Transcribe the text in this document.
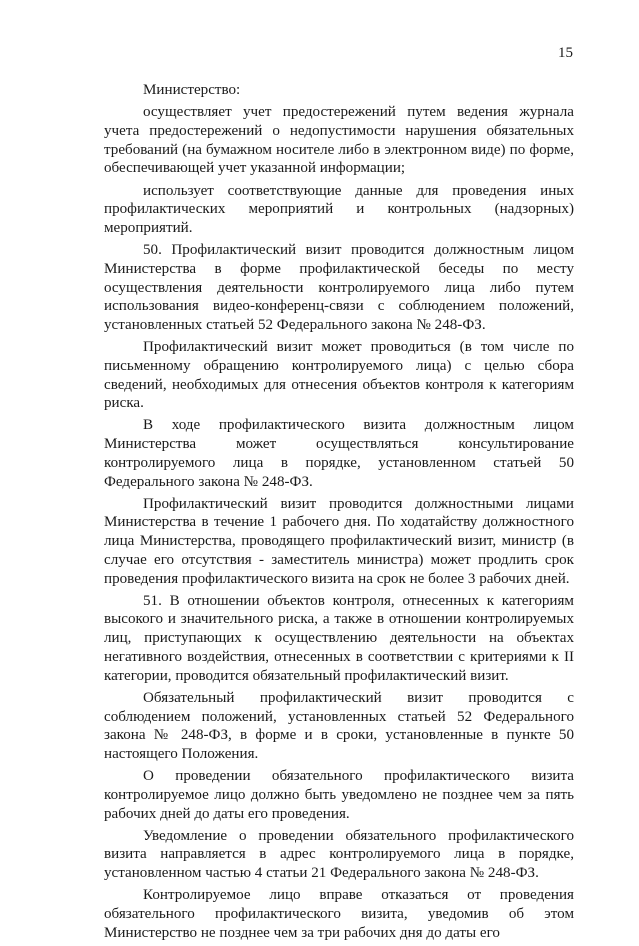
15

Министерство:

осуществляет учет предостережений путем ведения журнала учета предостережений о недопустимости нарушения обязательных требований (на бумажном носителе либо в электронном виде) по форме, обеспечивающей учет указанной информации;

использует соответствующие данные для проведения иных профилактических мероприятий и контрольных (надзорных) мероприятий.

50. Профилактический визит проводится должностным лицом Министерства в форме профилактической беседы по месту осуществления деятельности контролируемого лица либо путем использования видео-конференц-связи с соблюдением положений, установленных статьей 52 Федерального закона № 248-ФЗ.

Профилактический визит может проводиться (в том числе по письменному обращению контролируемого лица) с целью сбора сведений, необходимых для отнесения объектов контроля к категориям риска.

В ходе профилактического визита должностным лицом Министерства может осуществляться консультирование контролируемого лица в порядке, установленном статьей 50 Федерального закона № 248-ФЗ.

Профилактический визит проводится должностными лицами Министерства в течение 1 рабочего дня. По ходатайству должностного лица Министерства, проводящего профилактический визит, министр (в случае его отсутствия - заместитель министра) может продлить срок проведения профилактического визита на срок не более 3 рабочих дней.

51. В отношении объектов контроля, отнесенных к категориям высокого и значительного риска, а также в отношении контролируемых лиц, приступающих к осуществлению деятельности на объектах негативного воздействия, отнесенных в соответствии с критериями к II категории, проводится обязательный профилактический визит.

Обязательный профилактический визит проводится с соблюдением положений, установленных статьей 52 Федерального закона № 248-ФЗ, в форме и в сроки, установленные в пункте 50 настоящего Положения.

О проведении обязательного профилактического визита контролируемое лицо должно быть уведомлено не позднее чем за пять рабочих дней до даты его проведения.

Уведомление о проведении обязательного профилактического визита направляется в адрес контролируемого лица в порядке, установленном частью 4 статьи 21 Федерального закона № 248-ФЗ.

Контролируемое лицо вправе отказаться от проведения обязательного профилактического визита, уведомив об этом Министерство не позднее чем за три рабочих дня до даты его
